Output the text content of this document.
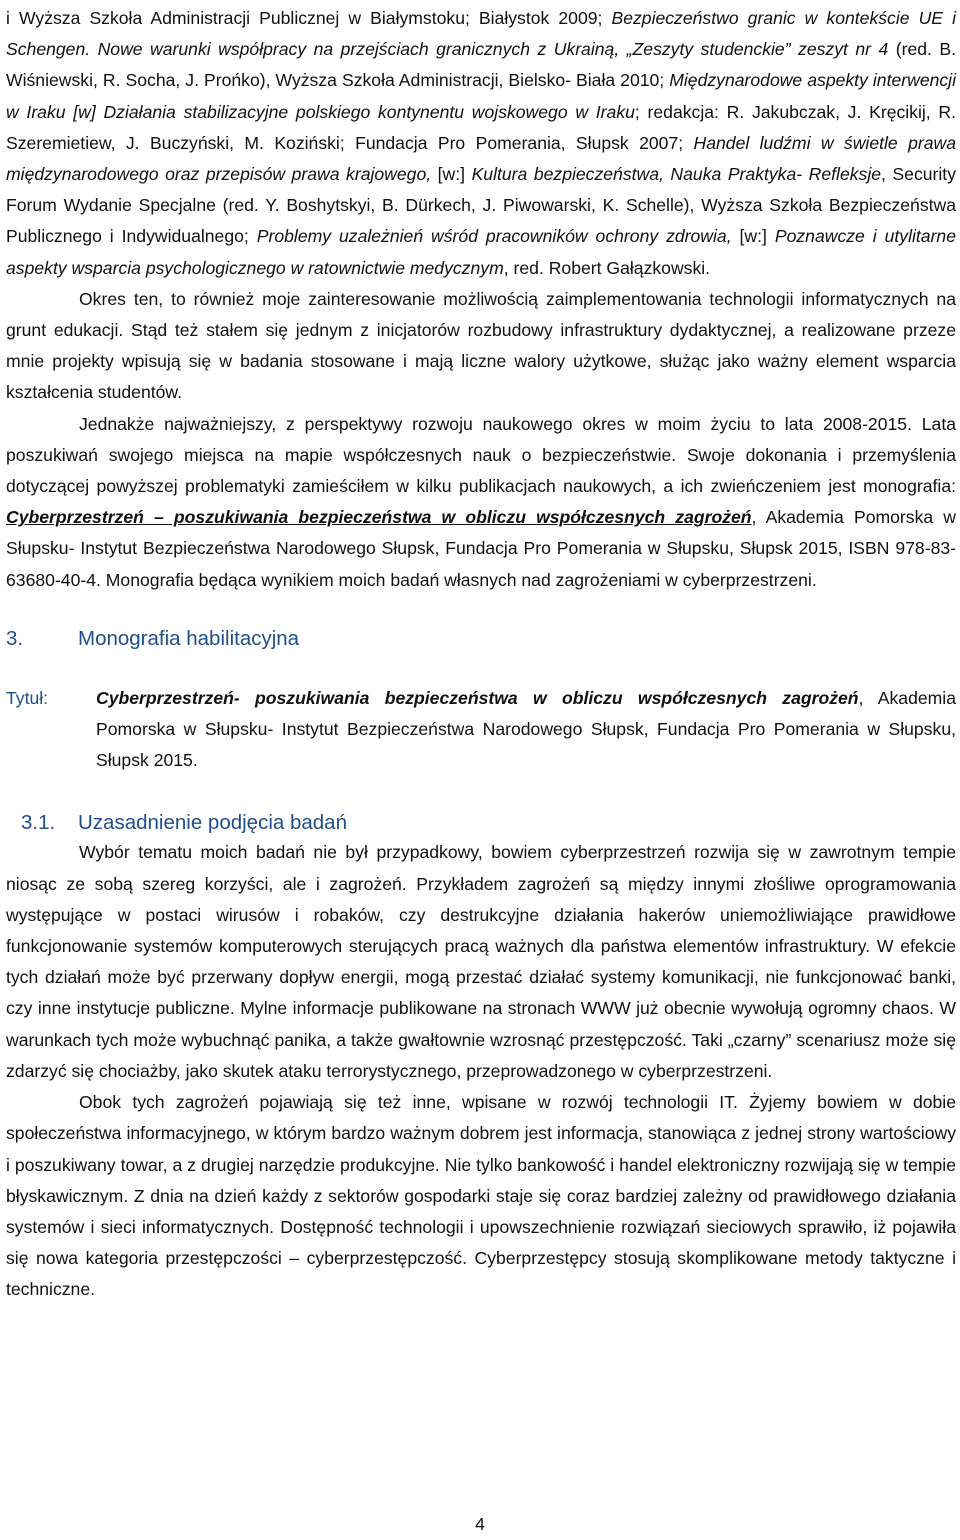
i Wyższa Szkoła Administracji Publicznej w Białymstoku; Białystok 2009; Bezpieczeństwo granic w kontekście UE i Schengen. Nowe warunki współpracy na przejściach granicznych z Ukrainą, „Zeszyty studenckie” zeszyt nr 4 (red. B. Wiśniewski, R. Socha, J. Prońko), Wyższa Szkoła Administracji, Bielsko- Biała 2010; Międzynarodowe aspekty interwencji w Iraku [w] Działania stabilizacyjne polskiego kontynentu wojskowego w Iraku; redakcja: R. Jakubczak, J. Kręcikij, R. Szeremietiew, J. Buczyński, M. Koziński; Fundacja Pro Pomerania, Słupsk 2007; Handel ludźmi w świetle prawa międzynarodowego oraz przepisów prawa krajowego, [w:] Kultura bezpieczeństwa, Nauka Praktyka- Refleksje, Security Forum Wydanie Specjalne (red. Y. Boshytskyi, B. Dürkech, J. Piwowarski, K. Schelle), Wyższa Szkoła Bezpieczeństwa Publicznego i Indywidualnego; Problemy uzależnień wśród pracowników ochrony zdrowia, [w:] Poznawcze i utylitarne aspekty wsparcia psychologicznego w ratownictwie medycznym, red. Robert Gałązkowski.

Okres ten, to również moje zainteresowanie możliwością zaimplementowania technologii informatycznych na grunt edukacji. Stąd też stałem się jednym z inicjatorów rozbudowy infrastruktury dydaktycznej, a realizowane przeze mnie projekty wpisują się w badania stosowane i mają liczne walory użytkowe, służąc jako ważny element wsparcia kształcenia studentów.

Jednakże najważniejszy, z perspektywy rozwoju naukowego okres w moim życiu to lata 2008-2015. Lata poszukiwań swojego miejsca na mapie współczesnych nauk o bezpieczeństwie. Swoje dokonania i przemyślenia dotyczącej powyższej problematyki zamieściłem w kilku publikacjach naukowych, a ich zwieńczeniem jest monografia: Cyberprzestrzeń – poszukiwania bezpieczeństwa w obliczu współczesnych zagrożeń, Akademia Pomorska w Słupsku- Instytut Bezpieczeństwa Narodowego Słupsk, Fundacja Pro Pomerania w Słupsku, Słupsk 2015, ISBN 978-83-63680-40-4. Monografia będąca wynikiem moich badań własnych nad zagrożeniami w cyberprzestrzeni.

3.	Monografia habilitacyjna
Tytuł:	Cyberprzestrzeń- poszukiwania bezpieczeństwa w obliczu współczesnych zagrożeń, Akademia Pomorska w Słupsku- Instytut Bezpieczeństwa Narodowego Słupsk, Fundacja Pro Pomerania w Słupsku, Słupsk 2015.
3.1. Uzasadnienie podjęcia badań

Wybór tematu moich badań nie był przypadkowy, bowiem cyberprzestrzeń rozwija się w zawrotnym tempie niosąc ze sobą szereg korzyści, ale i zagrożeń. Przykładem zagrożeń są między innymi złośliwe oprogramowania występujące w postaci wirusów i robaków, czy destrukcyjne działania hakerów uniemożliwiające prawidłowe funkcjonowanie systemów komputerowych sterujących pracą ważnych dla państwa elementów infrastruktury. W efekcie tych działań może być przerwany dopływ energii, mogą przestać działać systemy komunikacji, nie funkcjonować banki, czy inne instytucje publiczne. Mylne informacje publikowane na stronach WWW już obecnie wywołują ogromny chaos. W warunkach tych może wybuchnąć panika, a także gwałtownie wzrosnąć przestępczość. Taki „czarny” scenariusz może się zdarzyć się chociażby, jako skutek ataku terrorystycznego, przeprowadzonego w cyberprzestrzeni.

Obok tych zagrożeń pojawiają się też inne, wpisane w rozwój technologii IT. Żyjemy bowiem w dobie społeczeństwa informacyjnego, w którym bardzo ważnym dobrem jest informacja, stanowiąca z jednej strony wartościowy i poszukiwany towar, a z drugiej narzędzie produkcyjne. Nie tylko bankowość i handel elektroniczny rozwijają się w tempie błyskawicznym. Z dnia na dzień każdy z sektorów gospodarki staje się coraz bardziej zależny od prawidłowego działania systemów i sieci informatycznych. Dostępność technologii i upowszechnienie rozwiązań sieciowych sprawiło, iż pojawiła się nowa kategoria przestępczości – cyberprzestępczość. Cyberprzestępcy stosują skomplikowane metody taktyczne i techniczne.

4
